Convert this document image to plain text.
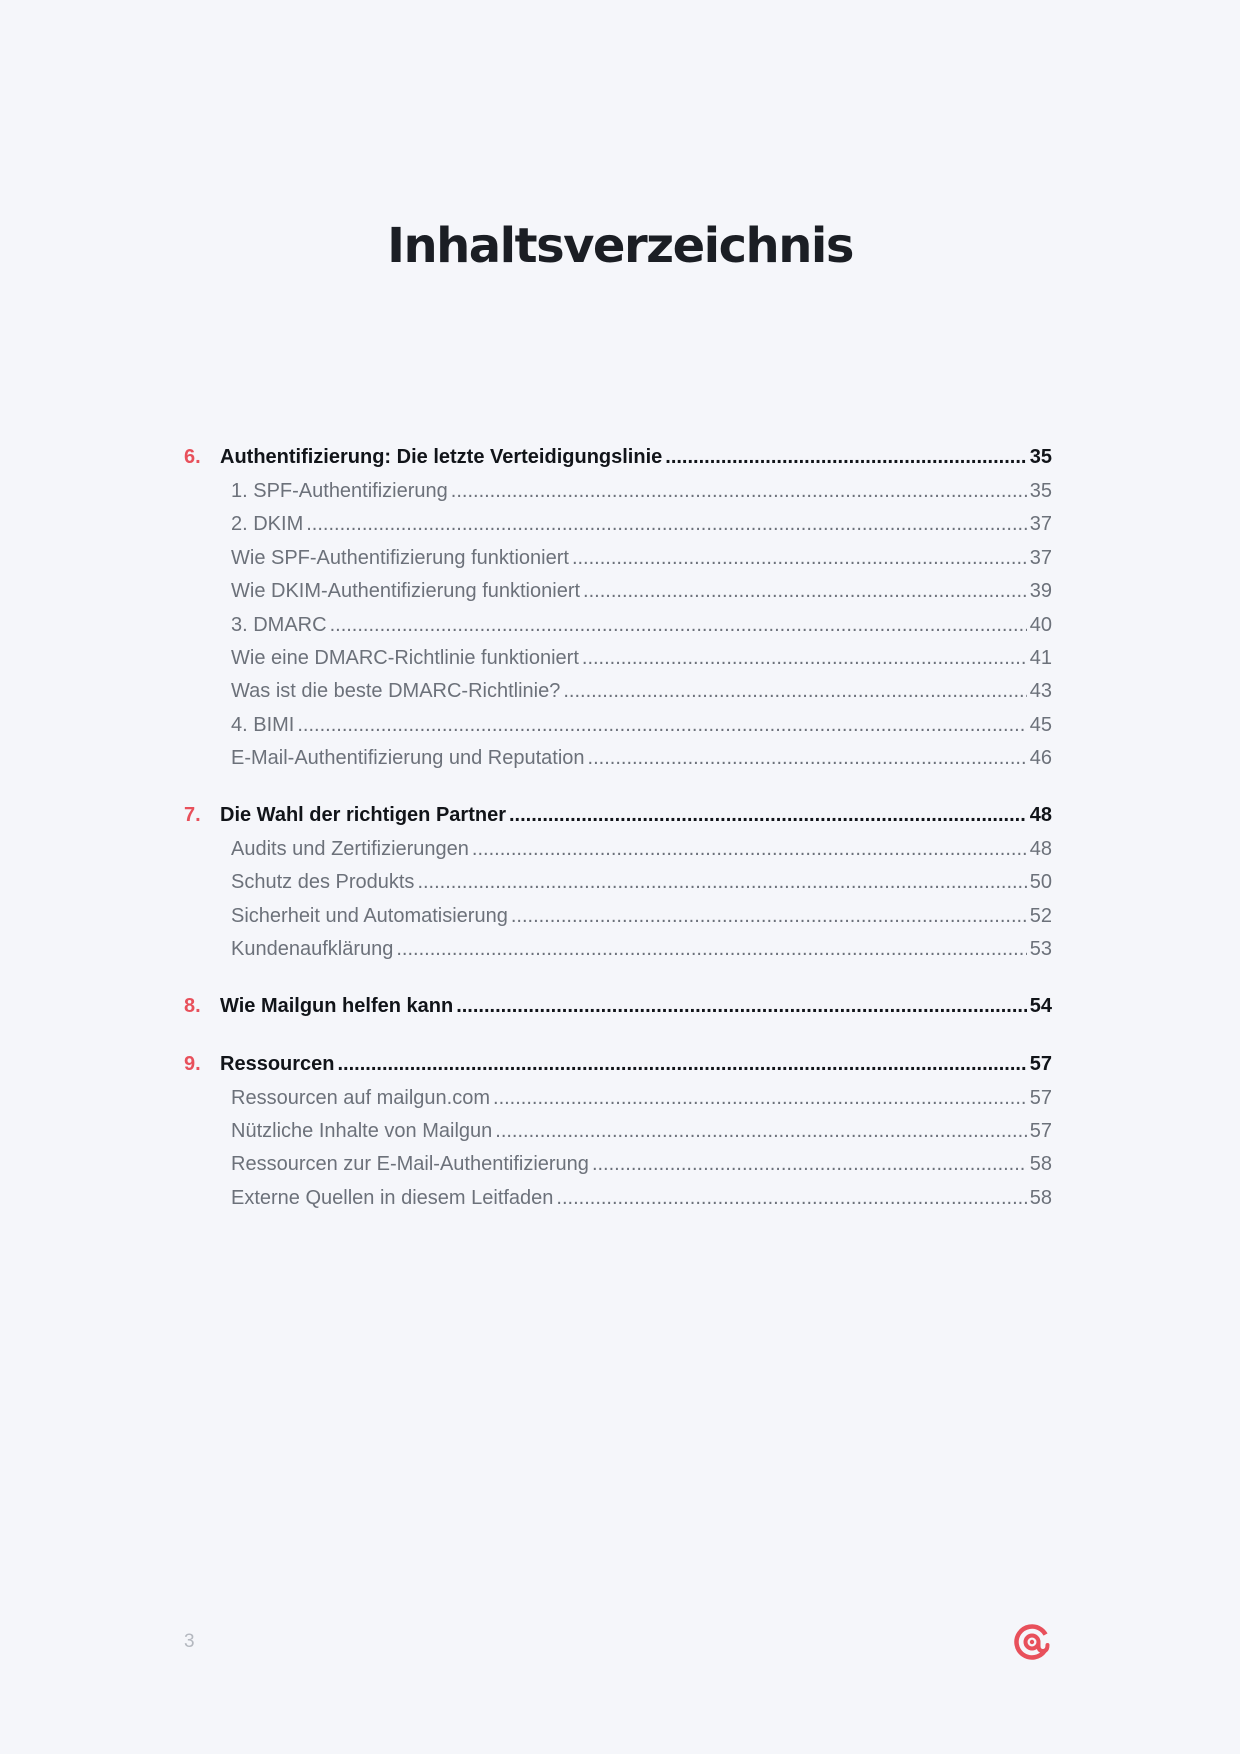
Inhaltsverzeichnis
6. Authentifizierung: Die letzte Verteidigungslinie .....	35
1. SPF-Authentifizierung .....	35
2. DKIM .....	37
Wie SPF-Authentifizierung funktioniert .....	37
Wie DKIM-Authentifizierung funktioniert .....	39
3. DMARC .....	40
Wie eine DMARC-Richtlinie funktioniert .....	41
Was ist die beste DMARC-Richtlinie? .....	43
4. BIMI .....	45
E-Mail-Authentifizierung und Reputation .....	46
7. Die Wahl der richtigen Partner .....	48
Audits und Zertifizierungen .....	48
Schutz des Produkts .....	50
Sicherheit und Automatisierung .....	52
Kundenaufklärung .....	53
8. Wie Mailgun helfen kann .....	54
9. Ressourcen .....	57
Ressourcen auf mailgun.com .....	57
Nützliche Inhalte von Mailgun .....	57
Ressourcen zur E-Mail-Authentifizierung .....	58
Externe Quellen in diesem Leitfaden .....	58
3
